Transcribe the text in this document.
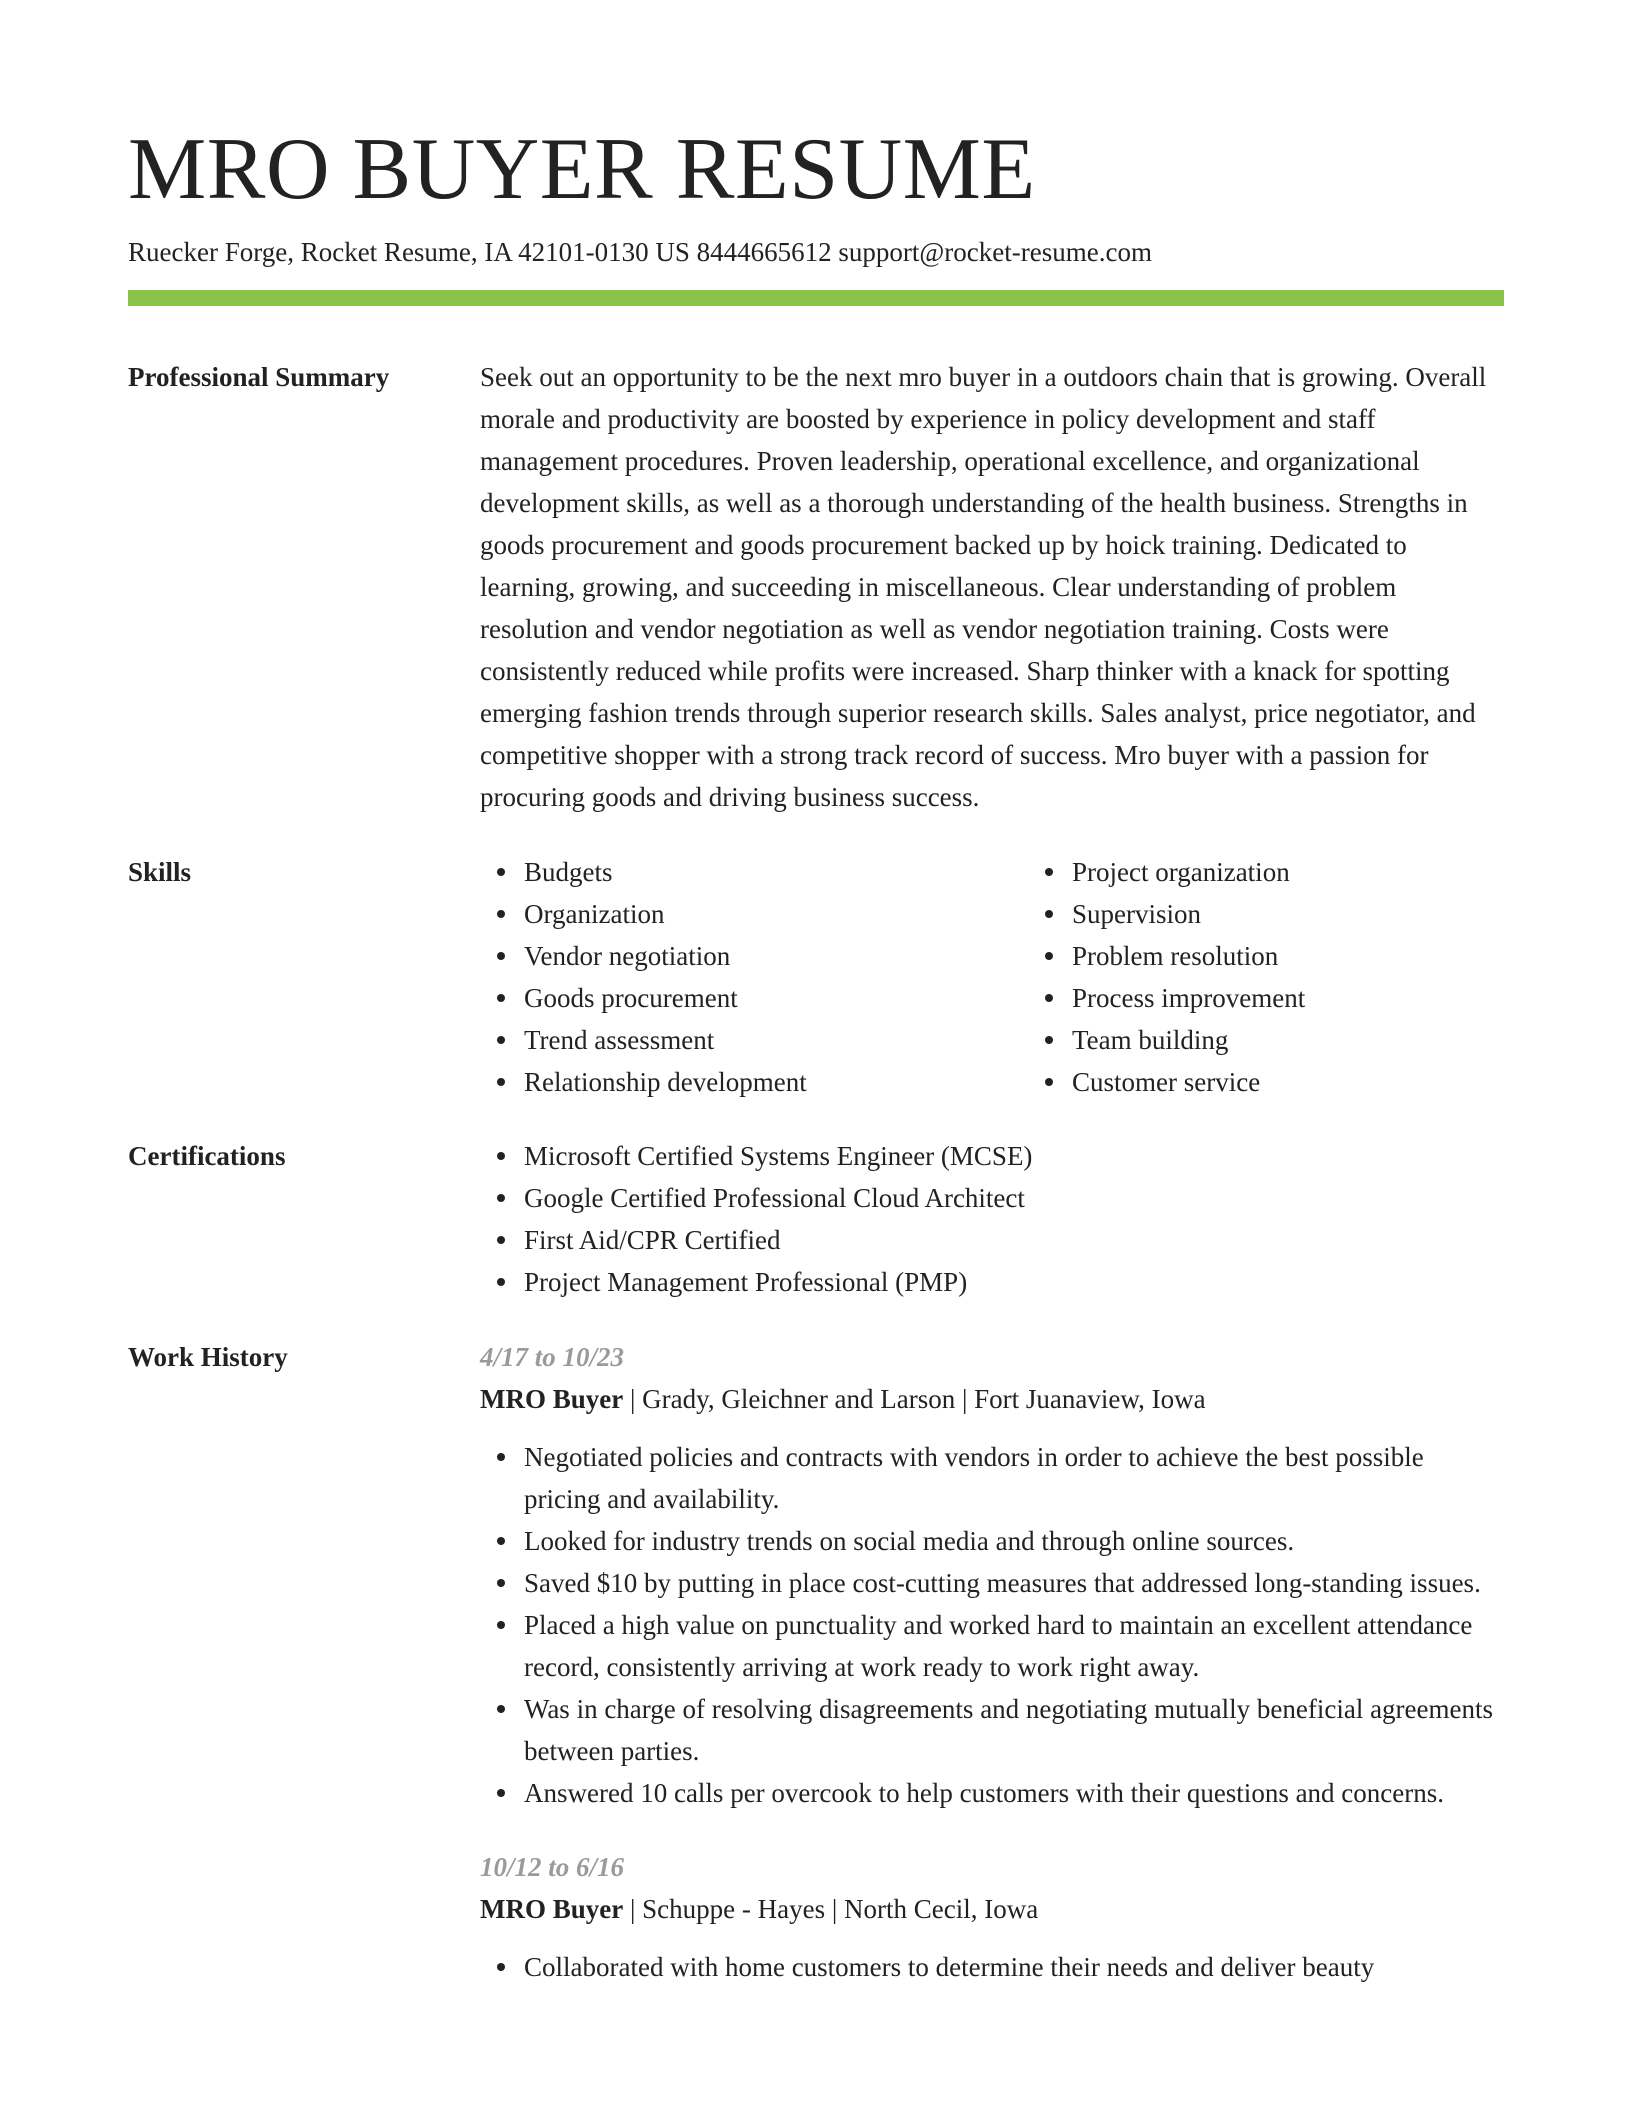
MRO BUYER RESUME
Ruecker Forge, Rocket Resume, IA 42101-0130 US 8444665612 support@rocket-resume.com
Professional Summary	Seek out an opportunity to be the next mro buyer in a outdoors chain that is growing. Overall morale and productivity are boosted by experience in policy development and staff management procedures. Proven leadership, operational excellence, and organizational development skills, as well as a thorough understanding of the health business. Strengths in goods procurement and goods procurement backed up by hoick training. Dedicated to learning, growing, and succeeding in miscellaneous. Clear understanding of problem resolution and vendor negotiation as well as vendor negotiation training. Costs were consistently reduced while profits were increased. Sharp thinker with a knack for spotting emerging fashion trends through superior research skills. Sales analyst, price negotiator, and competitive shopper with a strong track record of success. Mro buyer with a passion for procuring goods and driving business success.
Skills	Budgets
Organization
Vendor negotiation
Goods procurement
Trend assessment
Relationship development
Project organization
Supervision
Problem resolution
Process improvement
Team building
Customer service
Certifications	Microsoft Certified Systems Engineer (MCSE)
Google Certified Professional Cloud Architect
First Aid/CPR Certified
Project Management Professional (PMP)
Work History	4/17 to 10/23
MRO Buyer | Grady, Gleichner and Larson | Fort Juanaview, Iowa
Negotiated policies and contracts with vendors in order to achieve the best possible pricing and availability.
Looked for industry trends on social media and through online sources.
Saved $10 by putting in place cost-cutting measures that addressed long-standing issues.
Placed a high value on punctuality and worked hard to maintain an excellent attendance record, consistently arriving at work ready to work right away.
Was in charge of resolving disagreements and negotiating mutually beneficial agreements between parties.
Answered 10 calls per overcook to help customers with their questions and concerns.
10/12 to 6/16
MRO Buyer | Schuppe - Hayes | North Cecil, Iowa
Collaborated with home customers to determine their needs and deliver beauty
